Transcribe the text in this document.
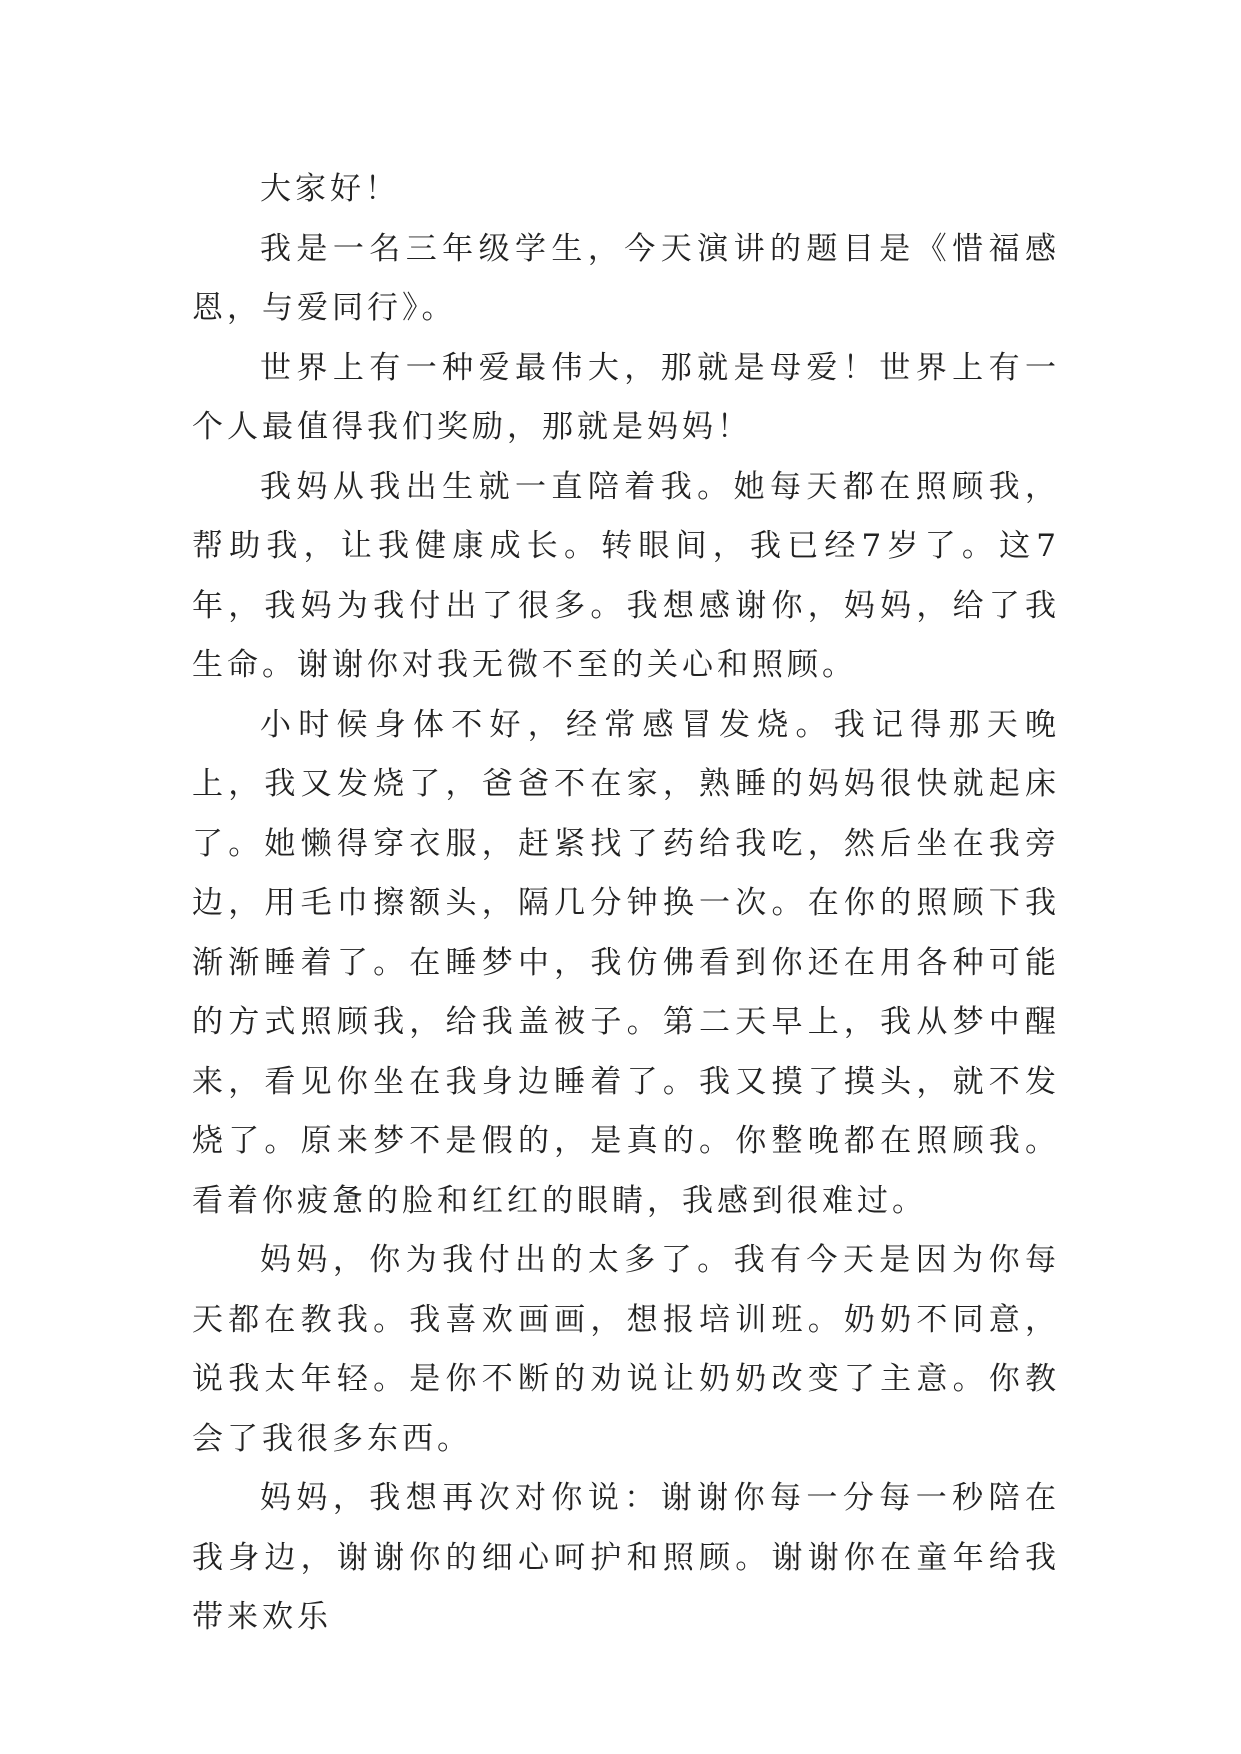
大家好！

我是一名三年级学生，今天演讲的题目是《惜福感恩，与爱同行》。

世界上有一种爱最伟大，那就是母爱！世界上有一个人最值得我们奖励，那就是妈妈！

我妈从我出生就一直陪着我。她每天都在照顾我，帮助我，让我健康成长。转眼间，我已经7岁了。这7年，我妈为我付出了很多。我想感谢你，妈妈，给了我生命。谢谢你对我无微不至的关心和照顾。

小时候身体不好，经常感冒发烧。我记得那天晚上，我又发烧了，爸爸不在家，熟睡的妈妈很快就起床了。她懒得穿衣服，赶紧找了药给我吃，然后坐在我旁边，用毛巾擦额头，隔几分钟换一次。在你的照顾下我渐渐睡着了。在睡梦中，我仿佛看到你还在用各种可能的方式照顾我，给我盖被子。第二天早上，我从梦中醒来，看见你坐在我身边睡着了。我又摸了摸头，就不发烧了。原来梦不是假的，是真的。你整晚都在照顾我。看着你疲惫的脸和红红的眼睛，我感到很难过。

妈妈，你为我付出的太多了。我有今天是因为你每天都在教我。我喜欢画画，想报培训班。奶奶不同意，说我太年轻。是你不断的劝说让奶奶改变了主意。你教会了我很多东西。

妈妈，我想再次对你说：谢谢你每一分每一秒陪在我身边，谢谢你的细心呵护和照顾。谢谢你在童年给我带来欢乐
